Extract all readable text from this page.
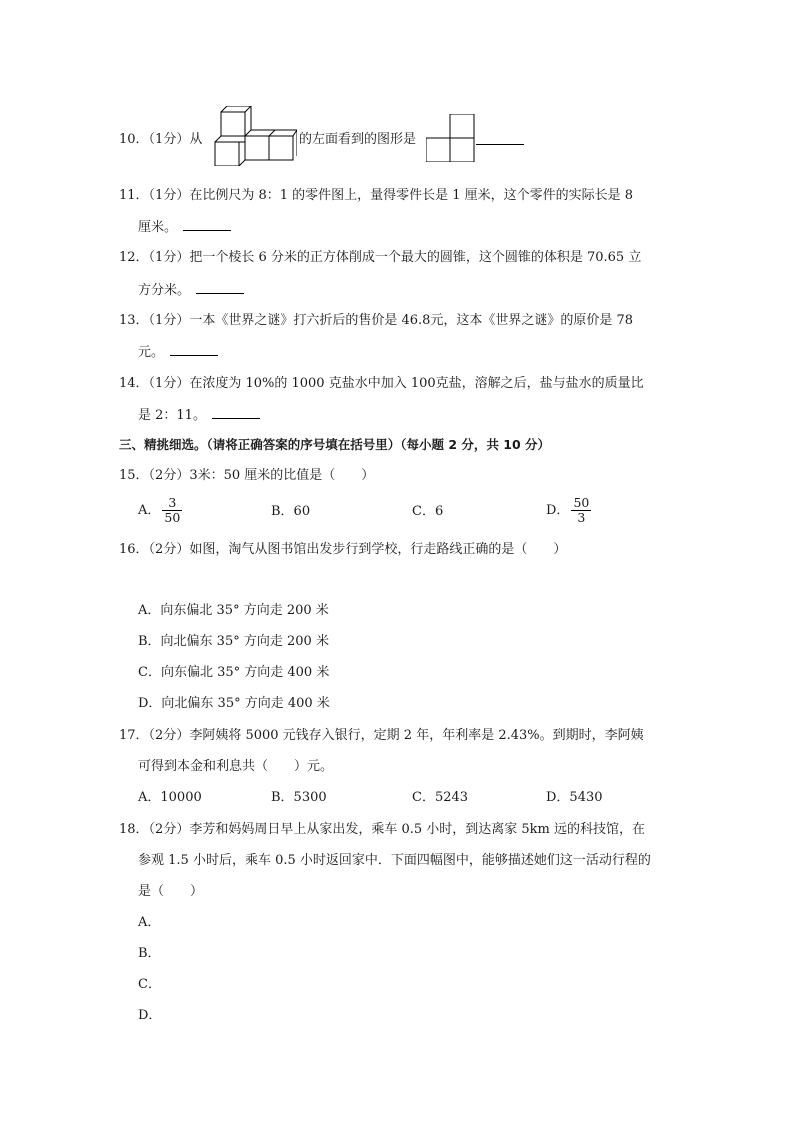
10．（1分）从	的左面看到的图形是
11．（1分）在比例尺为 8：1 的零件图上，量得零件长是 1 厘米，这个零件的实际长是 8
厘米。
12．（1分）把一个棱长 6 分米的正方体削成一个最大的圆锥，这个圆锥的体积是 70.65 立
方分米。
13．（1分）一本《世界之谜》打六折后的售价是 46.8元，这本《世界之谜》的原价是 78
元。
14．（1分）在浓度为 10%的 1000 克盐水中加入 100克盐，溶解之后，盐与盐水的质量比
是 2：11。
三、精挑细选。（请将正确答案的序号填在括号里）（每小题 2 分，共 10 分）
15．（2分）3米：50 厘米的比值是（　　）
A． $\frac{3}{50}$	B．60	C．6	D． $\frac{50}{3}$
16．（2分）如图，淘气从图书馆出发步行到学校，行走路线正确的是（　　）
A．向东偏北 35° 方向走 200 米
B．向北偏东 35° 方向走 200 米
C．向东偏北 35° 方向走 400 米
D．向北偏东 35° 方向走 400 米
17．（2分）李阿姨将 5000 元钱存入银行，定期 2 年，年利率是 2.43%。到期时，李阿姨
可得到本金和利息共（　　）元。
A．10000	B．5300	C．5243	D．5430
18．（2分）李芳和妈妈周日早上从家出发，乘车 0.5 小时，到达离家 5km 远的科技馆，在
参观 1.5 小时后，乘车 0.5 小时返回家中．下面四幅图中，能够描述她们这一活动行程的
是（　　）
A．
B．
C．
D．
